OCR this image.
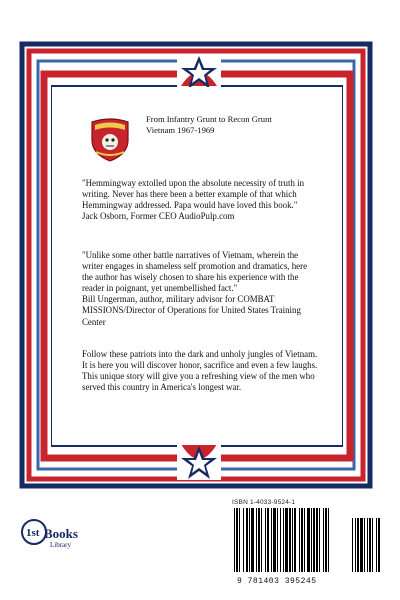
From Infantry Grunt to Recon Grunt
Vietnam 1967-1969

"Hemmingway extolled upon the absolute necessity of truth in writing. Never has there been a better example of that which Hemmingway addressed. Papa would have loved this book."

Jack Osborn, Former CEO AudioPulp.com

"Unlike some other battle narratives of Vietnam, wherein the writer engages in shameless self promotion and dramatics, here the author has wisely chosen to share his experience with the reader in poignant, yet unembellished fact."

Bill Ungerman, author, military advisor for COMBAT MISSIONS/Director of Operations for United States Training Center

Follow these patriots into the dark and unholy jungles of Vietnam. It is here you will discover honor, sacrifice and even a few laughs. This unique story will give you a refreshing view of the men who served this country in America's longest war.

1st Books
Library
ISBN 1-4033-9524-1
9 781403 395245
